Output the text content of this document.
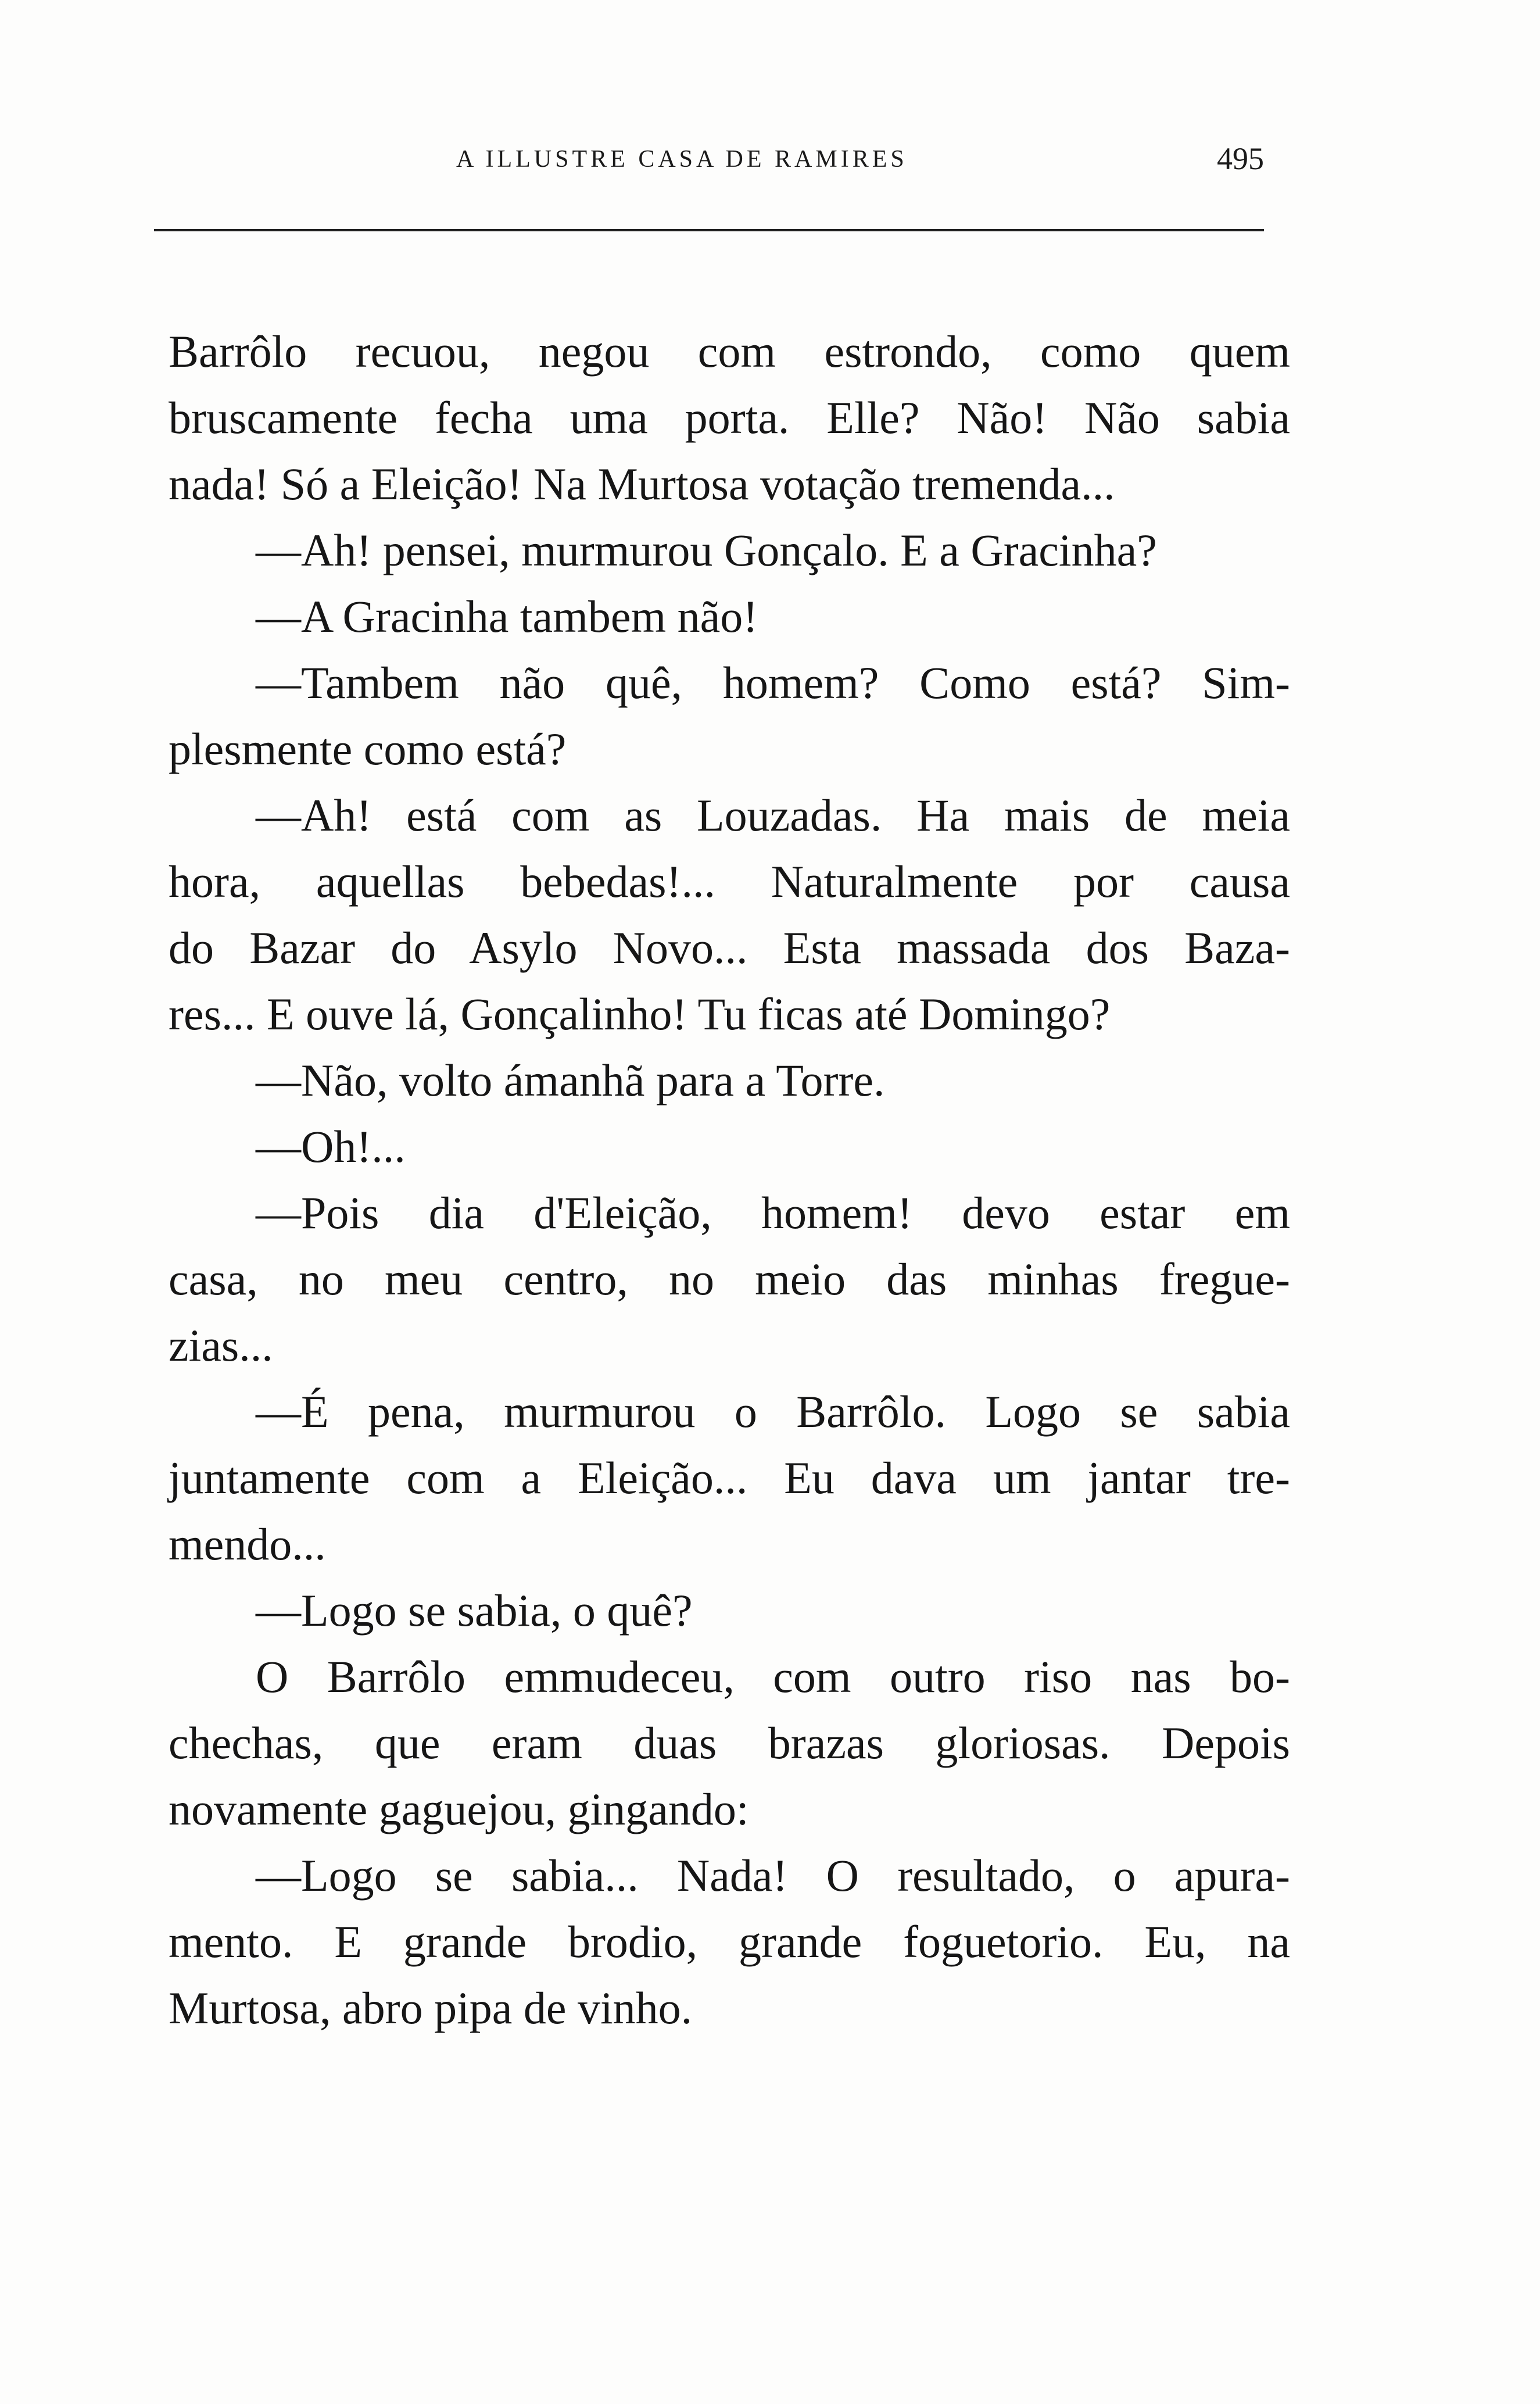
A ILLUSTRE CASA DE RAMIRES	495
Barrôlo recuou, negou com estrondo, como quem
bruscamente fecha uma porta. Elle? Não! Não sabia
nada! Só a Eleição! Na Murtosa votação tremenda...
—Ah! pensei, murmurou Gonçalo. E a Gracinha?
—A Gracinha tambem não!
—Tambem não quê, homem? Como está? Sim-
plesmente como está?
—Ah! está com as Louzadas. Ha mais de meia
hora, aquellas bebedas!... Naturalmente por causa
do Bazar do Asylo Novo... Esta massada dos Baza-
res... E ouve lá, Gonçalinho! Tu ficas até Domingo?
—Não, volto ámanhã para a Torre.
—Oh!...
—Pois dia d'Eleição, homem! devo estar em
casa, no meu centro, no meio das minhas fregue-
zias...
—É pena, murmurou o Barrôlo. Logo se sabia
juntamente com a Eleição... Eu dava um jantar tre-
mendo...
—Logo se sabia, o quê?
O Barrôlo emmudeceu, com outro riso nas bo-
chechas, que eram duas brazas gloriosas. Depois
novamente gaguejou, gingando:
—Logo se sabia... Nada! O resultado, o apura-
mento. E grande brodio, grande foguetorio. Eu, na
Murtosa, abro pipa de vinho.
